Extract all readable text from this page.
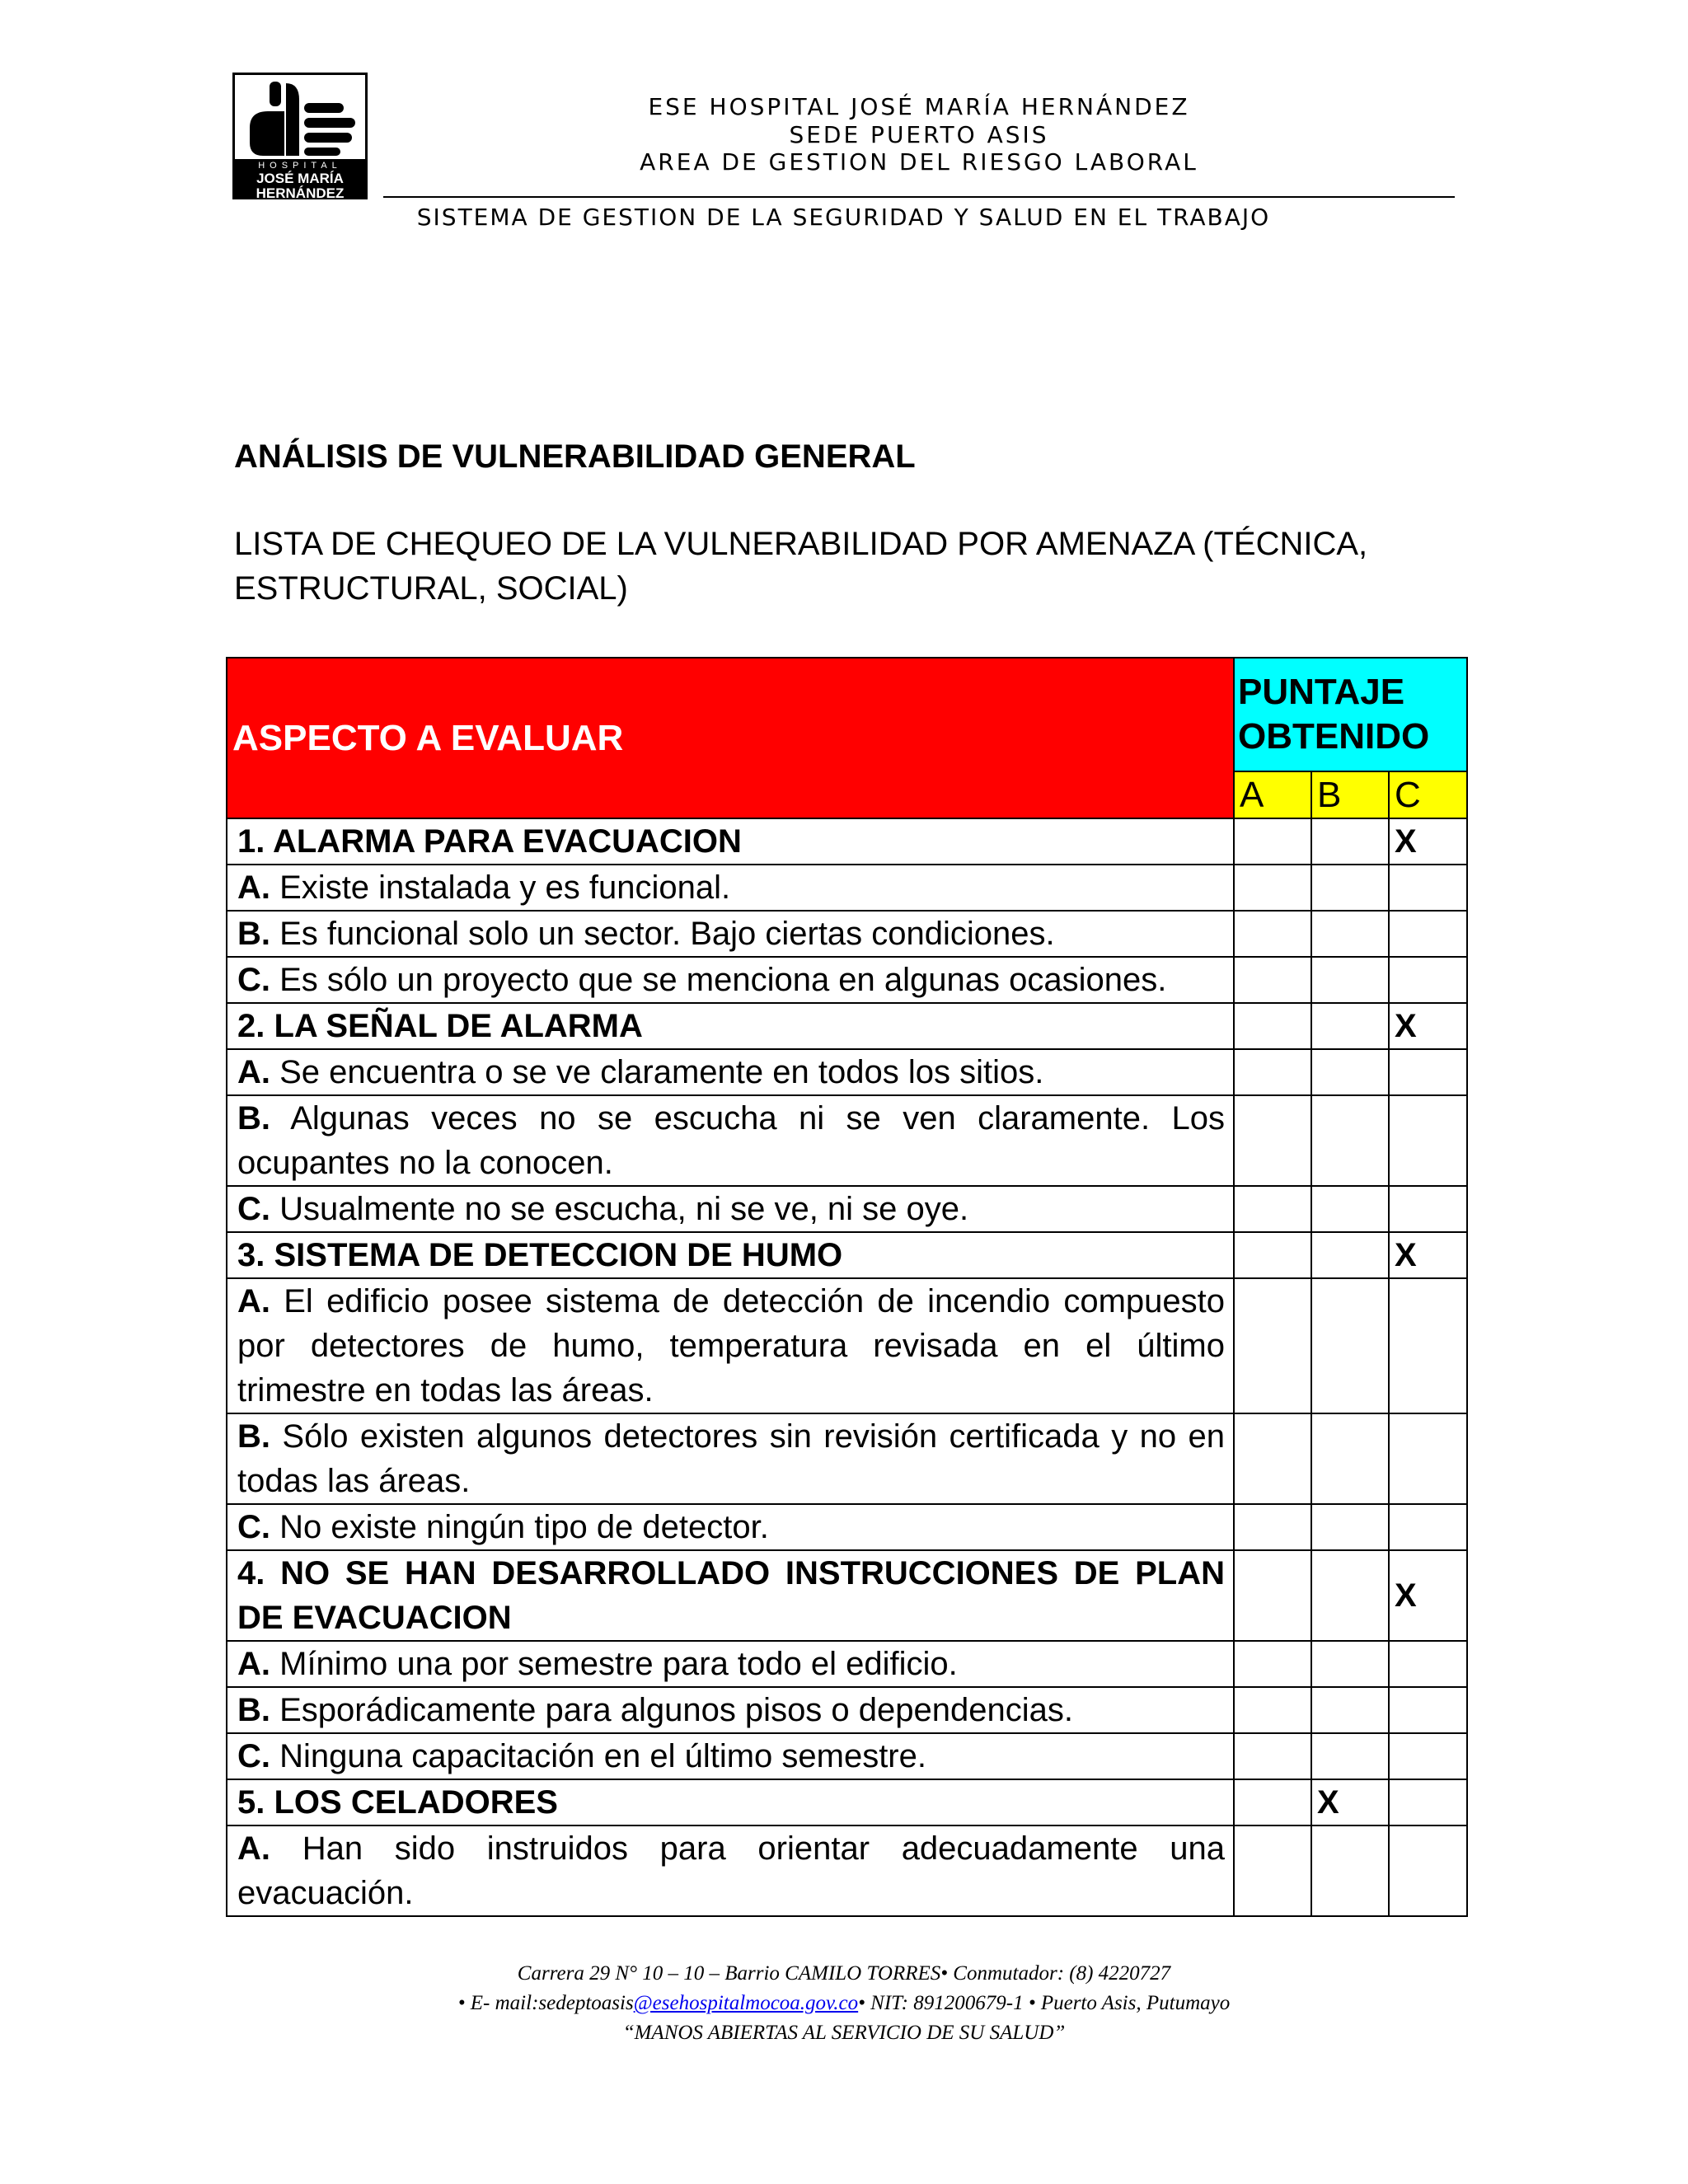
HOSPITAL
JOSÉ MARÍA HERNÁNDEZ
EMPRESA SOCIAL DEL ESTADO
ESE HOSPITAL JOSÉ MARÍA HERNÁNDEZ
SEDE PUERTO ASIS
AREA DE GESTION DEL RIESGO LABORAL
SISTEMA DE GESTION DE LA SEGURIDAD Y SALUD EN EL TRABAJO
ANÁLISIS DE VULNERABILIDAD GENERAL
LISTA DE CHEQUEO DE LA VULNERABILIDAD POR AMENAZA (TÉCNICA, ESTRUCTURAL, SOCIAL)
ASPECTO A EVALUAR	PUNTAJE OBTENIDO		
	A	B	C
1. ALARMA PARA EVACUACION			X
A. Existe instalada y es funcional.			
B. Es funcional solo un sector. Bajo ciertas condiciones.			
C. Es sólo un proyecto que se menciona en algunas ocasiones.			
2. LA SEÑAL DE ALARMA			X
A. Se encuentra o se ve claramente en todos los sitios.			
B. Algunas veces no se escucha ni se ven claramente. Los ocupantes no la conocen.			
C. Usualmente no se escucha, ni se ve, ni se oye.			
3. SISTEMA DE DETECCION DE HUMO			X
A. El edificio posee sistema de detección de incendio compuesto por detectores de humo, temperatura revisada en el último trimestre en todas las áreas.			
B. Sólo existen algunos detectores sin revisión certificada y no en todas las áreas.			
C. No existe ningún tipo de detector.			
4. NO SE HAN DESARROLLADO INSTRUCCIONES DE PLAN DE EVACUACION			X
A. Mínimo una por semestre para todo el edificio.			
B. Esporádicamente para algunos pisos o dependencias.			
C. Ninguna capacitación en el último semestre.			
5. LOS CELADORES		X	
A. Han sido instruidos para orientar adecuadamente una evacuación.			
Carrera 29 N° 10 – 10 – Barrio CAMILO TORRES• Conmutador: (8) 4220727
• E- mail:sedeptoasis@esehospitalmocoa.gov.co• NIT: 891200679-1 • Puerto Asis, Putumayo
“MANOS ABIERTAS AL SERVICIO DE SU SALUD”
